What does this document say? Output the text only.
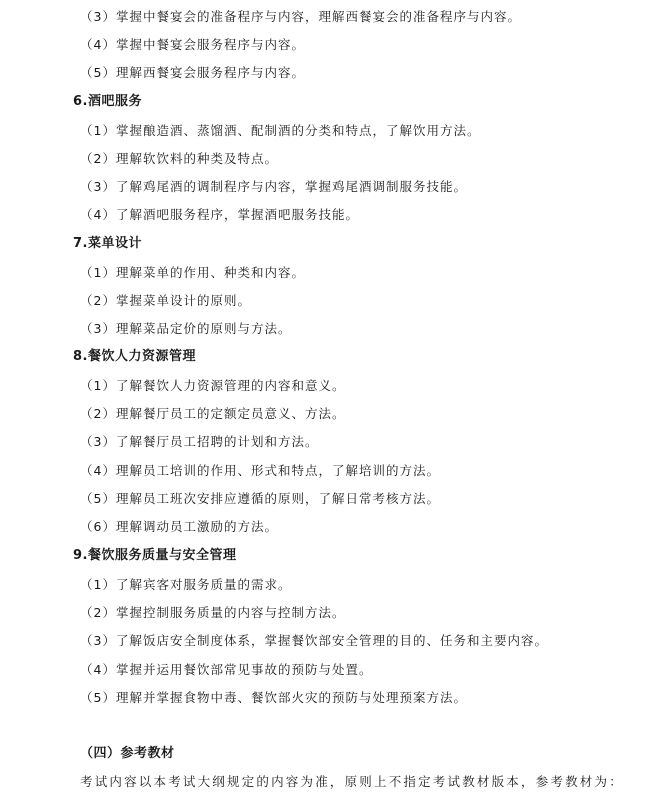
（3）掌握中餐宴会的准备程序与内容，理解西餐宴会的准备程序与内容。
（4）掌握中餐宴会服务程序与内容。
（5）理解西餐宴会服务程序与内容。
6.酒吧服务
（1）掌握酿造酒、蒸馏酒、配制酒的分类和特点，了解饮用方法。
（2）理解软饮料的种类及特点。
（3）了解鸡尾酒的调制程序与内容，掌握鸡尾酒调制服务技能。
（4）了解酒吧服务程序，掌握酒吧服务技能。
7.菜单设计
（1）理解菜单的作用、种类和内容。
（2）掌握菜单设计的原则。
（3）理解菜品定价的原则与方法。
8.餐饮人力资源管理
（1）了解餐饮人力资源管理的内容和意义。
（2）理解餐厅员工的定额定员意义、方法。
（3）了解餐厅员工招聘的计划和方法。
（4）理解员工培训的作用、形式和特点，了解培训的方法。
（5）理解员工班次安排应遵循的原则，了解日常考核方法。
（6）理解调动员工激励的方法。
9.餐饮服务质量与安全管理
（1）了解宾客对服务质量的需求。
（2）掌握控制服务质量的内容与控制方法。
（3）了解饭店安全制度体系，掌握餐饮部安全管理的目的、任务和主要内容。
（4）掌握并运用餐饮部常见事故的预防与处置。
（5）理解并掌握食物中毒、餐饮部火灾的预防与处理预案方法。
（四）参考教材
考试内容以本考试大纲规定的内容为准，原则上不指定考试教材版本，参考教材为：
